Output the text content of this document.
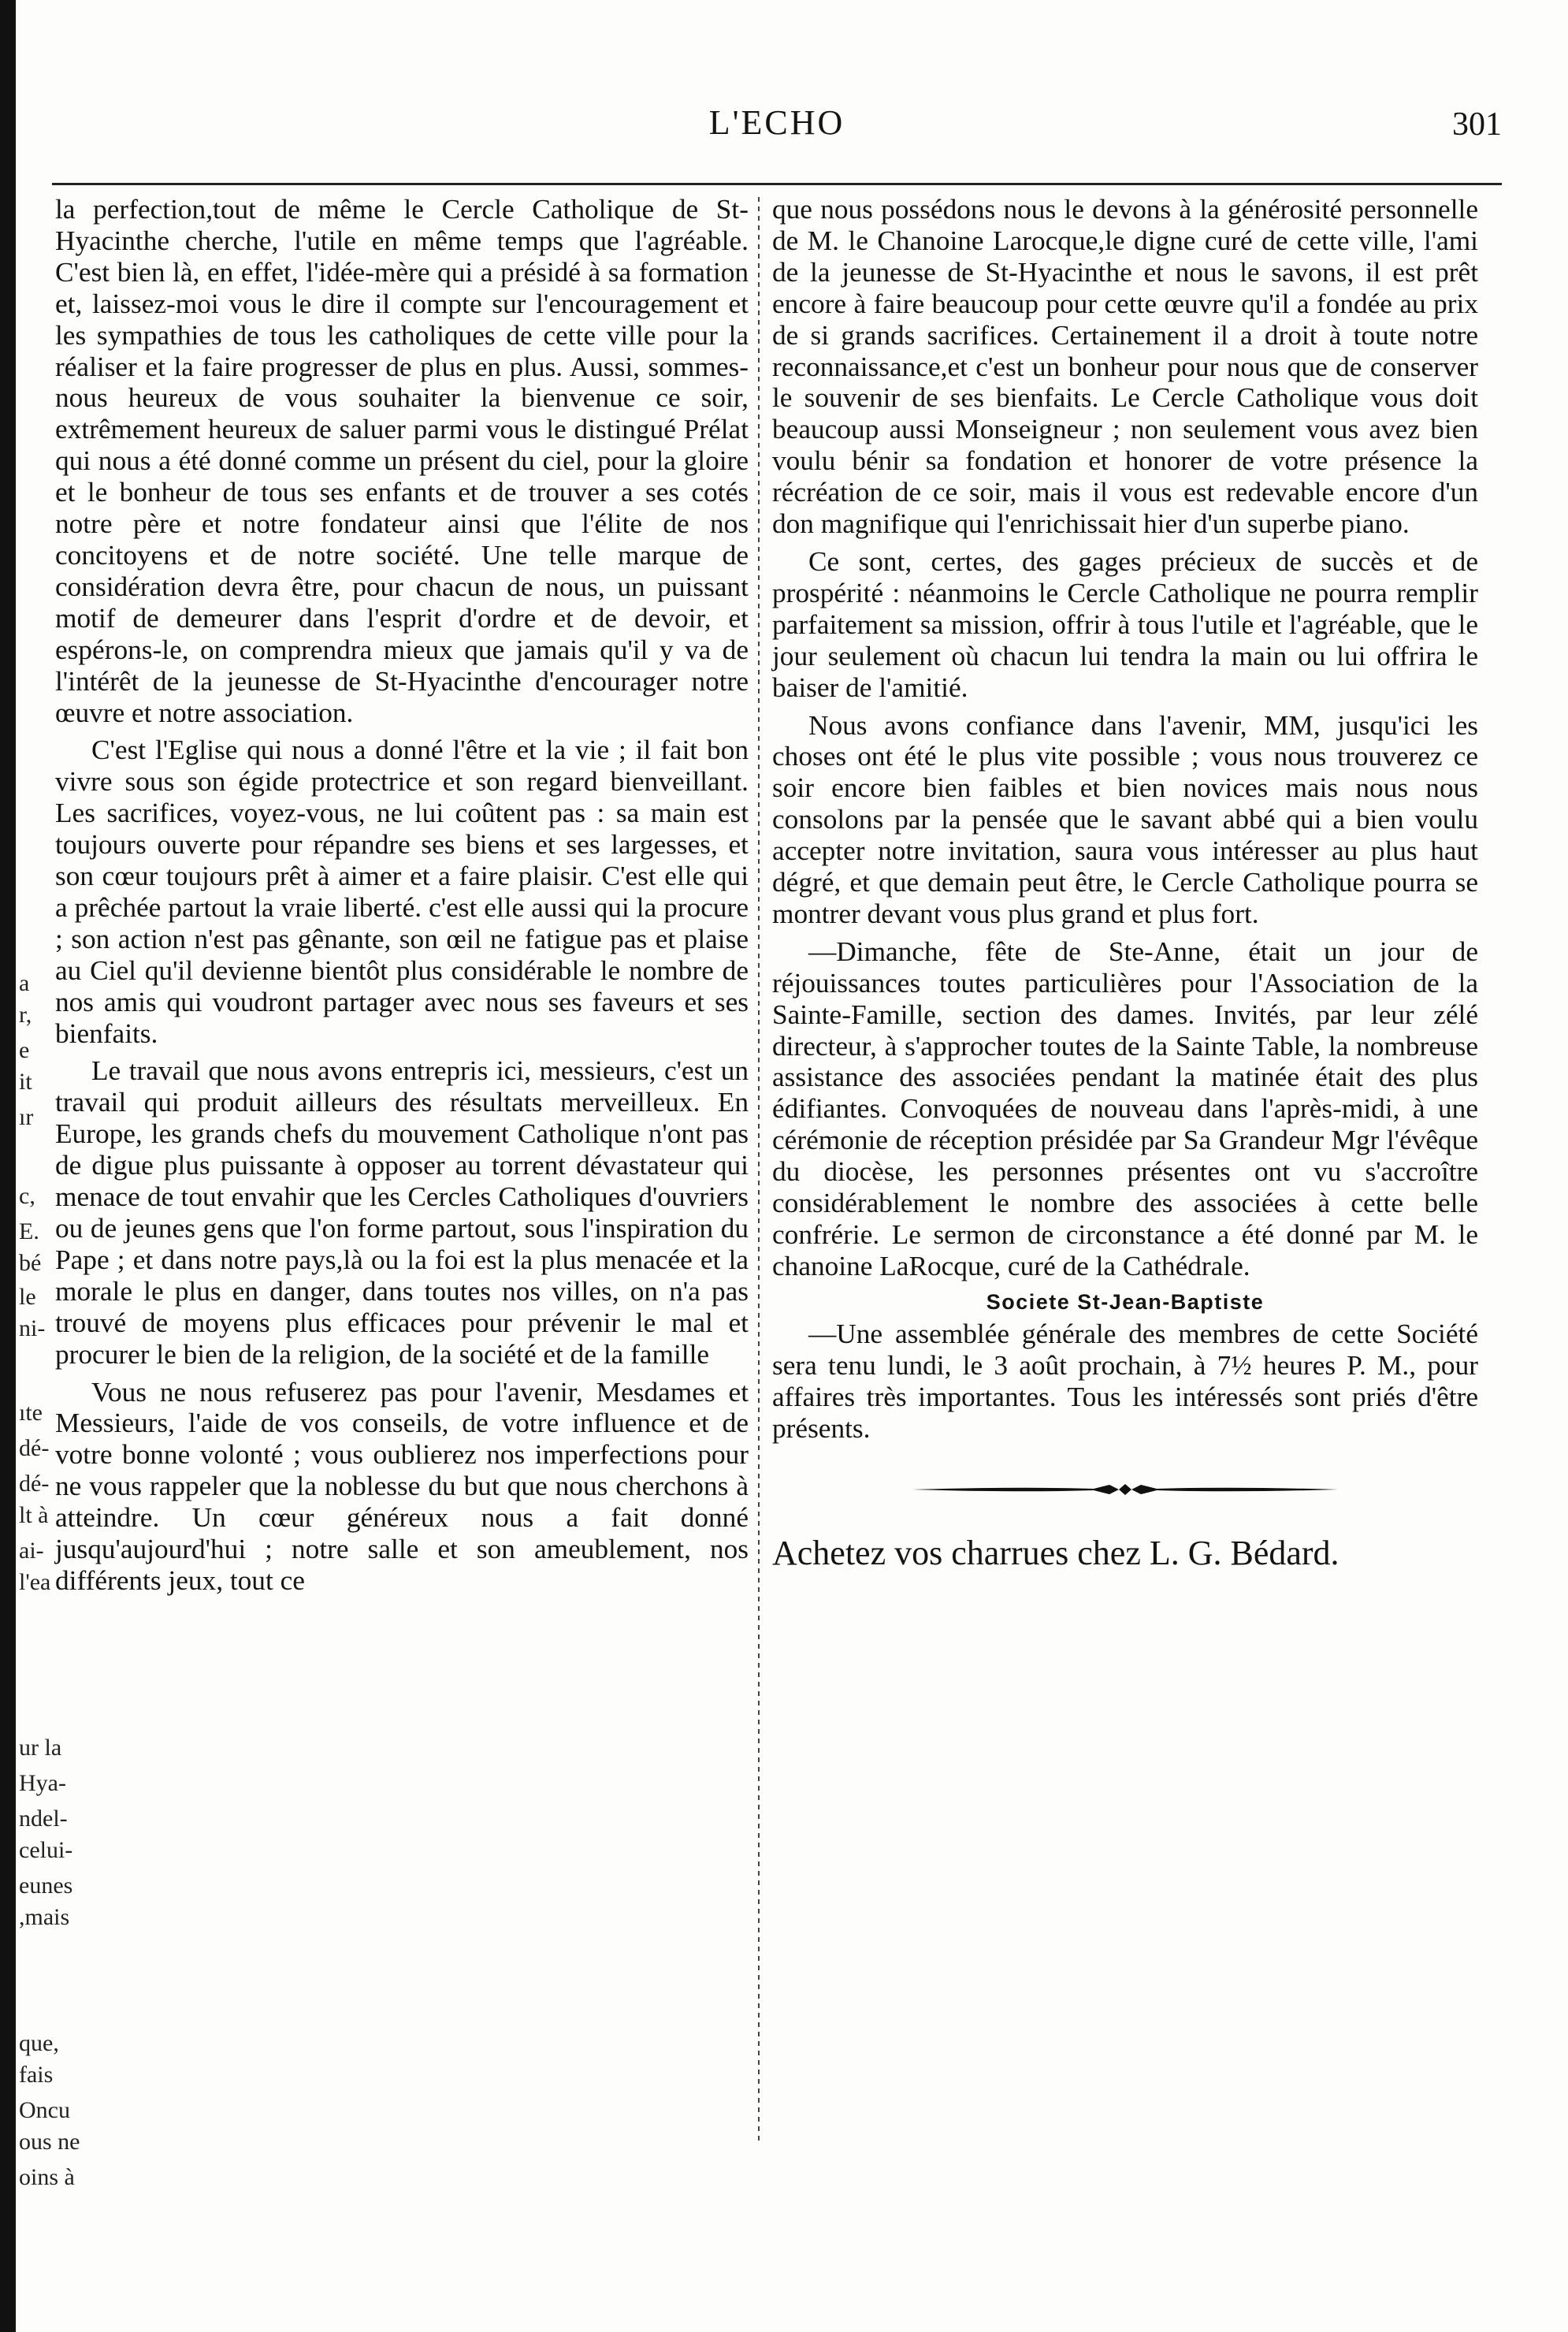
a
r,
e
it
ır
c,
E.
bé
le
ni-
ıte
dé-
dé-
lt à
ai-
l'ea
ur la
Hya-
ndel-
celui-
eunes
,mais
que,
fais
Oncu
ous ne
oins à
L'ECHO	301

la perfection,tout de même le Cercle Catholique de St-Hyacinthe cherche, l'utile en même temps que l'agréable. C'est bien là, en effet, l'idée-mère qui a présidé à sa formation et, laissez-moi vous le dire il compte sur l'encouragement et les sympathies de tous les catholiques de cette ville pour la réaliser et la faire progresser de plus en plus. Aussi, sommes-nous heureux de vous souhaiter la bienvenue ce soir, extrêmement heureux de saluer parmi vous le distingué Prélat qui nous a été donné comme un présent du ciel, pour la gloire et le bonheur de tous ses enfants et de trouver a ses cotés notre père et notre fondateur ainsi que l'élite de nos concitoyens et de notre société. Une telle marque de considération devra être, pour chacun de nous, un puissant motif de demeurer dans l'esprit d'ordre et de devoir, et espérons-le, on comprendra mieux que jamais qu'il y va de l'intérêt de la jeunesse de St-Hyacinthe d'encourager notre œuvre et notre association.

C'est l'Eglise qui nous a donné l'être et la vie ; il fait bon vivre sous son égide protectrice et son regard bienveillant. Les sacrifices, voyez-vous, ne lui coûtent pas : sa main est toujours ouverte pour répandre ses biens et ses largesses, et son cœur toujours prêt à aimer et a faire plaisir. C'est elle qui a prêchée partout la vraie liberté. c'est elle aussi qui la procure ; son action n'est pas gênante, son œil ne fatigue pas et plaise au Ciel qu'il devienne bientôt plus considérable le nombre de nos amis qui voudront partager avec nous ses faveurs et ses bienfaits.

Le travail que nous avons entrepris ici, messieurs, c'est un travail qui produit ailleurs des résultats merveilleux. En Europe, les grands chefs du mouvement Catholique n'ont pas de digue plus puissante à opposer au torrent dévastateur qui menace de tout envahir que les Cercles Catholiques d'ouvriers ou de jeunes gens que l'on forme partout, sous l'inspiration du Pape ; et dans notre pays,là ou la foi est la plus menacée et la morale le plus en danger, dans toutes nos villes, on n'a pas trouvé de moyens plus efficaces pour prévenir le mal et procurer le bien de la religion, de la société et de la famille

Vous ne nous refuserez pas pour l'avenir, Mesdames et Messieurs, l'aide de vos conseils, de votre influence et de votre bonne volonté ; vous oublierez nos imperfections pour ne vous rappeler que la noblesse du but que nous cherchons à atteindre. Un cœur généreux nous a fait donné jusqu'aujourd'hui ; notre salle et son ameublement, nos différents jeux, tout ce

que nous possédons nous le devons à la générosité personnelle de M. le Chanoine Larocque,le digne curé de cette ville, l'ami de la jeunesse de St-Hyacinthe et nous le savons, il est prêt encore à faire beaucoup pour cette œuvre qu'il a fondée au prix de si grands sacrifices. Certainement il a droit à toute notre reconnaissance,et c'est un bonheur pour nous que de conserver le souvenir de ses bienfaits. Le Cercle Catholique vous doit beaucoup aussi Monseigneur ; non seulement vous avez bien voulu bénir sa fondation et honorer de votre présence la récréation de ce soir, mais il vous est redevable encore d'un don magnifique qui l'enrichissait hier d'un superbe piano.

Ce sont, certes, des gages précieux de succès et de prospérité : néanmoins le Cercle Catholique ne pourra remplir parfaitement sa mission, offrir à tous l'utile et l'agréable, que le jour seulement où chacun lui tendra la main ou lui offrira le baiser de l'amitié.

Nous avons confiance dans l'avenir, MM, jusqu'ici les choses ont été le plus vite possible ; vous nous trouverez ce soir encore bien faibles et bien novices mais nous nous consolons par la pensée que le savant abbé qui a bien voulu accepter notre invitation, saura vous intéresser au plus haut dégré, et que demain peut être, le Cercle Catholique pourra se montrer devant vous plus grand et plus fort.

—Dimanche, fête de Ste-Anne, était un jour de réjouissances toutes particulières pour l'Association de la Sainte-Famille, section des dames. Invités, par leur zélé directeur, à s'approcher toutes de la Sainte Table, la nombreuse assistance des associées pendant la matinée était des plus édifiantes. Convoquées de nouveau dans l'après-midi, à une cérémonie de réception présidée par Sa Grandeur Mgr l'évêque du diocèse, les personnes présentes ont vu s'accroître considérablement le nombre des associées à cette belle confrérie. Le sermon de circonstance a été donné par M. le chanoine LaRocque, curé de la Cathédrale.

Societe St-Jean-Baptiste

—Une assemblée générale des membres de cette Société sera tenu lundi, le 3 août prochain, à 7½ heures P. M., pour affaires très importantes. Tous les intéressés sont priés d'être présents.

Achetez vos charrues chez L. G. Bédard.
